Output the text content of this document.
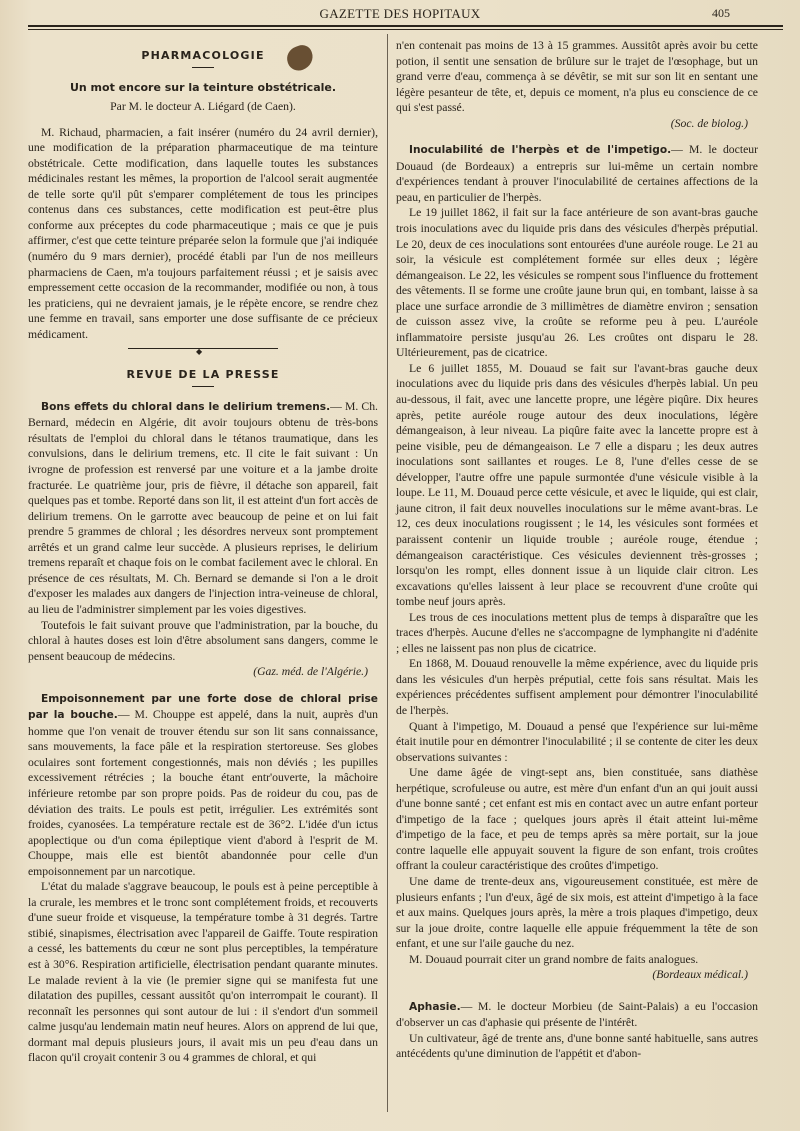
GAZETTE DES HOPITAUX	405
PHARMACOLOGIE
Un mot encore sur la teinture obstétricale.
Par M. le docteur A. Liégard (de Caen).

M. Richaud, pharmacien, a fait insérer (numéro du 24 avril dernier), une modification de la préparation pharmaceutique de ma teinture obstétricale. Cette modification, dans laquelle toutes les substances médicinales restant les mêmes, la proportion de l'alcool serait augmentée de telle sorte qu'il pût s'emparer complétement de tous les principes contenus dans ces substances, cette modification est peut-être plus conforme aux préceptes du code pharmaceutique ; mais ce que je puis affirmer, c'est que cette teinture préparée selon la formule que j'ai indiquée (numéro du 9 mars dernier), procédé établi par l'un de nos meilleurs pharmaciens de Caen, m'a toujours parfaitement réussi ; et je saisis avec empressement cette occasion de la recommander, modifiée ou non, à tous les praticiens, qui ne devraient jamais, je le répète encore, se rendre chez une femme en travail, sans emporter une dose suffisante de ce précieux médicament.

◆
REVUE DE LA PRESSE

Bons effets du chloral dans le delirium tremens.— M. Ch. Bernard, médecin en Algérie, dit avoir toujours obtenu de très-bons résultats de l'emploi du chloral dans le tétanos traumatique, dans les convulsions, dans le delirium tremens, etc. Il cite le fait suivant : Un ivrogne de profession est renversé par une voiture et a la jambe droite fracturée. Le quatrième jour, pris de fièvre, il détache son appareil, fait quelques pas et tombe. Reporté dans son lit, il est atteint d'un fort accès de delirium tremens. On le garrotte avec beaucoup de peine et on lui fait prendre 5 grammes de chloral ; les désordres nerveux sont promptement arrêtés et un grand calme leur succède. A plusieurs reprises, le delirium tremens reparaît et chaque fois on le combat facilement avec le chloral. En présence de ces résultats, M. Ch. Bernard se demande si l'on a le droit d'exposer les malades aux dangers de l'injection intra-veineuse de chloral, au lieu de l'administrer simplement par les voies digestives.

Toutefois le fait suivant prouve que l'administration, par la bouche, du chloral à hautes doses est loin d'être absolument sans dangers, comme le pensent beaucoup de médecins.

(Gaz. méd. de l'Algérie.)

Empoisonnement par une forte dose de chloral prise par la bouche.— M. Chouppe est appelé, dans la nuit, auprès d'un homme que l'on venait de trouver étendu sur son lit sans connaissance, sans mouvements, la face pâle et la respiration stertoreuse. Ses globes oculaires sont fortement congestionnés, mais non déviés ; les pupilles excessivement rétrécies ; la bouche étant entr'ouverte, la mâchoire inférieure retombe par son propre poids. Pas de roideur du cou, pas de déviation des traits. Le pouls est petit, irrégulier. Les extrémités sont froides, cyanosées. La température rectale est de 36°2. L'idée d'un ictus apoplectique ou d'un coma épileptique vient d'abord à l'esprit de M. Chouppe, mais elle est bientôt abandonnée pour celle d'un empoisonnement par un narcotique.

L'état du malade s'aggrave beaucoup, le pouls est à peine perceptible à la crurale, les membres et le tronc sont complétement froids, et recouverts d'une sueur froide et visqueuse, la température tombe à 31 degrés. Tartre stibié, sinapismes, électrisation avec l'appareil de Gaiffe. Toute respiration a cessé, les battements du cœur ne sont plus perceptibles, la température est à 30°6. Respiration artificielle, électrisation pendant quarante minutes. Le malade revient à la vie (le premier signe qui se manifesta fut une dilatation des pupilles, cessant aussitôt qu'on interrompait le courant). Il reconnaît les personnes qui sont autour de lui : il s'endort d'un sommeil calme jusqu'au lendemain matin neuf heures. Alors on apprend de lui que, dormant mal depuis plusieurs jours, il avait mis un peu d'eau dans un flacon qu'il croyait contenir 3 ou 4 grammes de chloral, et qui

n'en contenait pas moins de 13 à 15 grammes. Aussitôt après avoir bu cette potion, il sentit une sensation de brûlure sur le trajet de l'œsophage, but un grand verre d'eau, commença à se dévêtir, se mit sur son lit en sentant une légère pesanteur de tête, et, depuis ce moment, n'a plus eu conscience de ce qui s'est passé.

(Soc. de biolog.)

Inoculabilité de l'herpès et de l'impetigo.— M. le docteur Douaud (de Bordeaux) a entrepris sur lui-même un certain nombre d'expériences tendant à prouver l'inoculabilité de certaines affections de la peau, en particulier de l'herpès.

Le 19 juillet 1862, il fait sur la face antérieure de son avant-bras gauche trois inoculations avec du liquide pris dans des vésicules d'herpès préputial. Le 20, deux de ces inoculations sont entourées d'une auréole rouge. Le 21 au soir, la vésicule est complétement formée sur elles deux ; légère démangeaison. Le 22, les vésicules se rompent sous l'influence du frottement des vêtements. Il se forme une croûte jaune brun qui, en tombant, laisse à sa place une surface arrondie de 3 millimètres de diamètre environ ; sensation de cuisson assez vive, la croûte se reforme peu à peu. L'auréole inflammatoire persiste jusqu'au 26. Les croûtes ont disparu le 28. Ultérieurement, pas de cicatrice.

Le 6 juillet 1855, M. Douaud se fait sur l'avant-bras gauche deux inoculations avec du liquide pris dans des vésicules d'herpès labial. Un peu au-dessous, il fait, avec une lancette propre, une légère piqûre. Dix heures après, petite auréole rouge autour des deux inoculations, légère démangeaison, à leur niveau. La piqûre faite avec la lancette propre est à peine visible, peu de démangeaison. Le 7 elle a disparu ; les deux autres inoculations sont saillantes et rouges. Le 8, l'une d'elles cesse de se développer, l'autre offre une papule surmontée d'une vésicule visible à la loupe. Le 11, M. Douaud perce cette vésicule, et avec le liquide, qui est clair, jaune citron, il fait deux nouvelles inoculations sur le même avant-bras. Le 12, ces deux inoculations rougissent ; le 14, les vésicules sont formées et paraissent contenir un liquide trouble ; auréole rouge, étendue ; démangeaison caractéristique. Ces vésicules deviennent très-grosses ; lorsqu'on les rompt, elles donnent issue à un liquide clair citron. Les excavations qu'elles laissent à leur place se recouvrent d'une croûte qui tombe neuf jours après.

Les trous de ces inoculations mettent plus de temps à disparaître que les traces d'herpès. Aucune d'elles ne s'accompagne de lymphangite ni d'adénite ; elles ne laissent pas non plus de cicatrice.

En 1868, M. Douaud renouvelle la même expérience, avec du liquide pris dans les vésicules d'un herpès préputial, cette fois sans résultat. Mais les expériences précédentes suffisent amplement pour démontrer l'inoculabilité de l'herpès.

Quant à l'impetigo, M. Douaud a pensé que l'expérience sur lui-même était inutile pour en démontrer l'inoculabilité ; il se contente de citer les deux observations suivantes :

Une dame âgée de vingt-sept ans, bien constituée, sans diathèse herpétique, scrofuleuse ou autre, est mère d'un enfant d'un an qui jouit aussi d'une bonne santé ; cet enfant est mis en contact avec un autre enfant porteur d'impetigo de la face ; quelques jours après il était atteint lui-même d'impetigo de la face, et peu de temps après sa mère portait, sur la joue contre laquelle elle appuyait souvent la figure de son enfant, trois croûtes offrant la couleur caractéristique des croûtes d'impetigo.

Une dame de trente-deux ans, vigoureusement constituée, est mère de plusieurs enfants ; l'un d'eux, âgé de six mois, est atteint d'impetigo à la face et aux mains. Quelques jours après, la mère a trois plaques d'impetigo, deux sur la joue droite, contre laquelle elle appuie fréquemment la tête de son enfant, et une sur l'aile gauche du nez.

M. Douaud pourrait citer un grand nombre de faits analogues.

(Bordeaux médical.)

Aphasie.— M. le docteur Morbieu (de Saint-Palais) a eu l'occasion d'observer un cas d'aphasie qui présente de l'intérêt.

Un cultivateur, âgé de trente ans, d'une bonne santé habituelle, sans autres antécédents qu'une diminution de l'appétit et d'abon-
